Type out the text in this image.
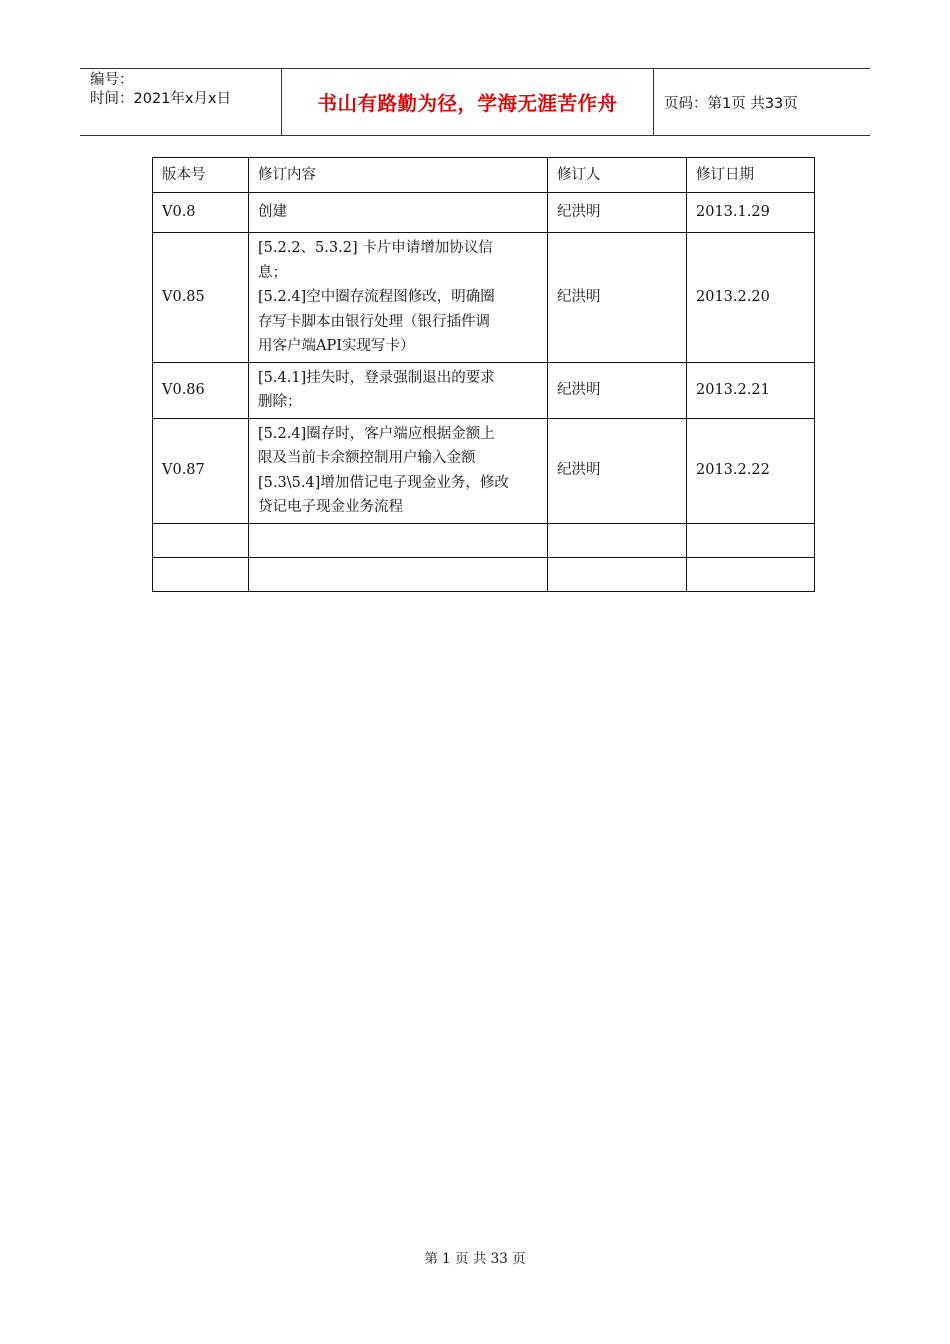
编号：
时间：2021年x月x日	书山有路勤为径，学海无涯苦作舟	页码：第1页 共33页
版本号	修订内容	修订人	修订日期
V0.8	创建	纪洪明	2013.1.29
V0.85	[5.2.2、5.3.2] 卡片申请增加协议信
息；
[5.2.4]空中圈存流程图修改，明确圈
存写卡脚本由银行处理（银行插件调
用客户端API实现写卡）	纪洪明	2013.2.20
V0.86	[5.4.1]挂失时，登录强制退出的要求
删除；	纪洪明	2013.2.21
V0.87	[5.2.4]圈存时，客户端应根据金额上
限及当前卡余额控制用户输入金额
[5.3\5.4]增加借记电子现金业务，修改
贷记电子现金业务流程	纪洪明	2013.2.22

第 1 页 共 33 页
